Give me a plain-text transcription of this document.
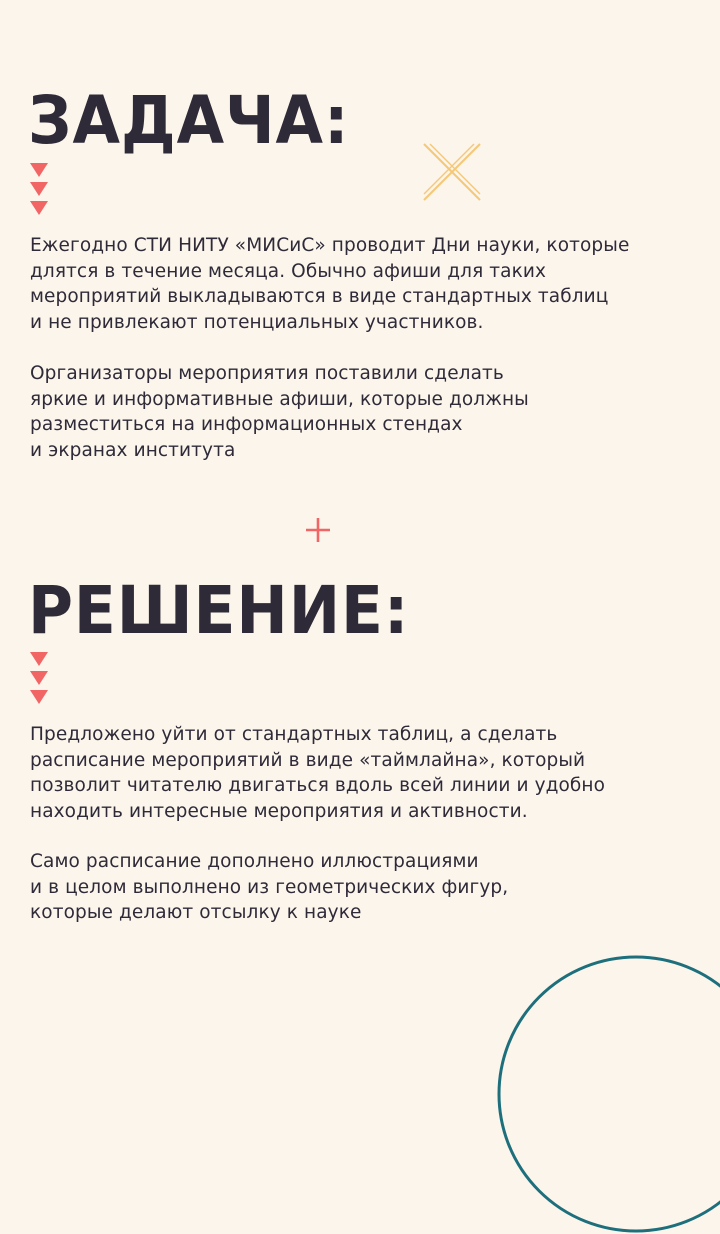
ЗАДАЧА:

Ежегодно СТИ НИТУ «МИСиС» проводит Дни науки, которые
длятся в течение месяца. Обычно афиши для таких
мероприятий выкладываются в виде стандартных таблиц
и не привлекают потенциальных участников.

Организаторы мероприятия поставили сделать
яркие и информативные афиши, которые должны
разместиться на информационных стендах
и экранах института

РЕШЕНИЕ:

Предложено уйти от стандартных таблиц, а сделать
расписание мероприятий в виде «таймлайна», который
позволит читателю двигаться вдоль всей линии и удобно
находить интересные мероприятия и активности.

Само расписание дополнено иллюстрациями
и в целом выполнено из геометрических фигур,
которые делают отсылку к науке
